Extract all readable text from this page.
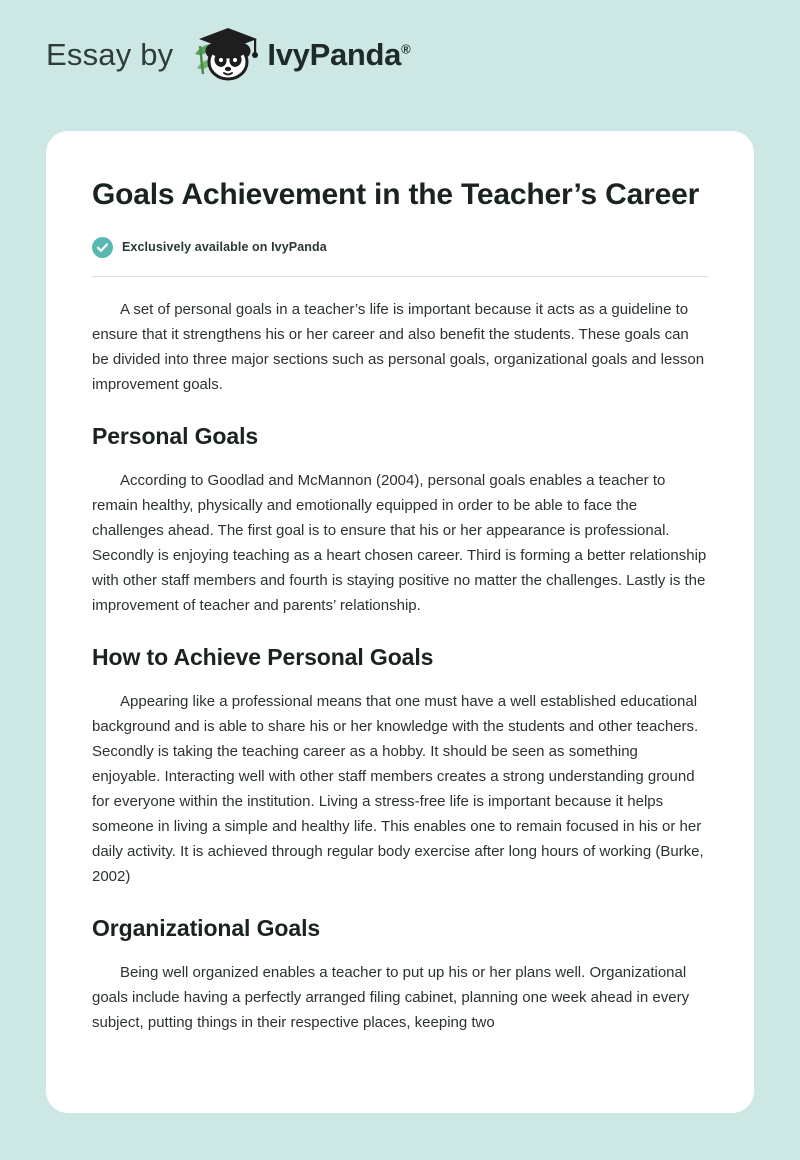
Essay by	IvyPanda®
Goals Achievement in the Teacher’s Career
Exclusively available on IvyPanda

A set of personal goals in a teacher’s life is important because it acts as a guideline to ensure that it strengthens his or her career and also benefit the students. These goals can be divided into three major sections such as personal goals, organizational goals and lesson improvement goals.

Personal Goals

According to Goodlad and McMannon (2004), personal goals enables a teacher to remain healthy, physically and emotionally equipped in order to be able to face the challenges ahead. The first goal is to ensure that his or her appearance is professional. Secondly is enjoying teaching as a heart chosen career. Third is forming a better relationship with other staff members and fourth is staying positive no matter the challenges. Lastly is the improvement of teacher and parents’ relationship.

How to Achieve Personal Goals

Appearing like a professional means that one must have a well established educational background and is able to share his or her knowledge with the students and other teachers. Secondly is taking the teaching career as a hobby. It should be seen as something enjoyable. Interacting well with other staff members creates a strong understanding ground for everyone within the institution. Living a stress-free life is important because it helps someone in living a simple and healthy life. This enables one to remain focused in his or her daily activity. It is achieved through regular body exercise after long hours of working (Burke, 2002)

Organizational Goals

Being well organized enables a teacher to put up his or her plans well. Organizational goals include having a perfectly arranged filing cabinet, planning one week ahead in every subject, putting things in their respective places, keeping two
